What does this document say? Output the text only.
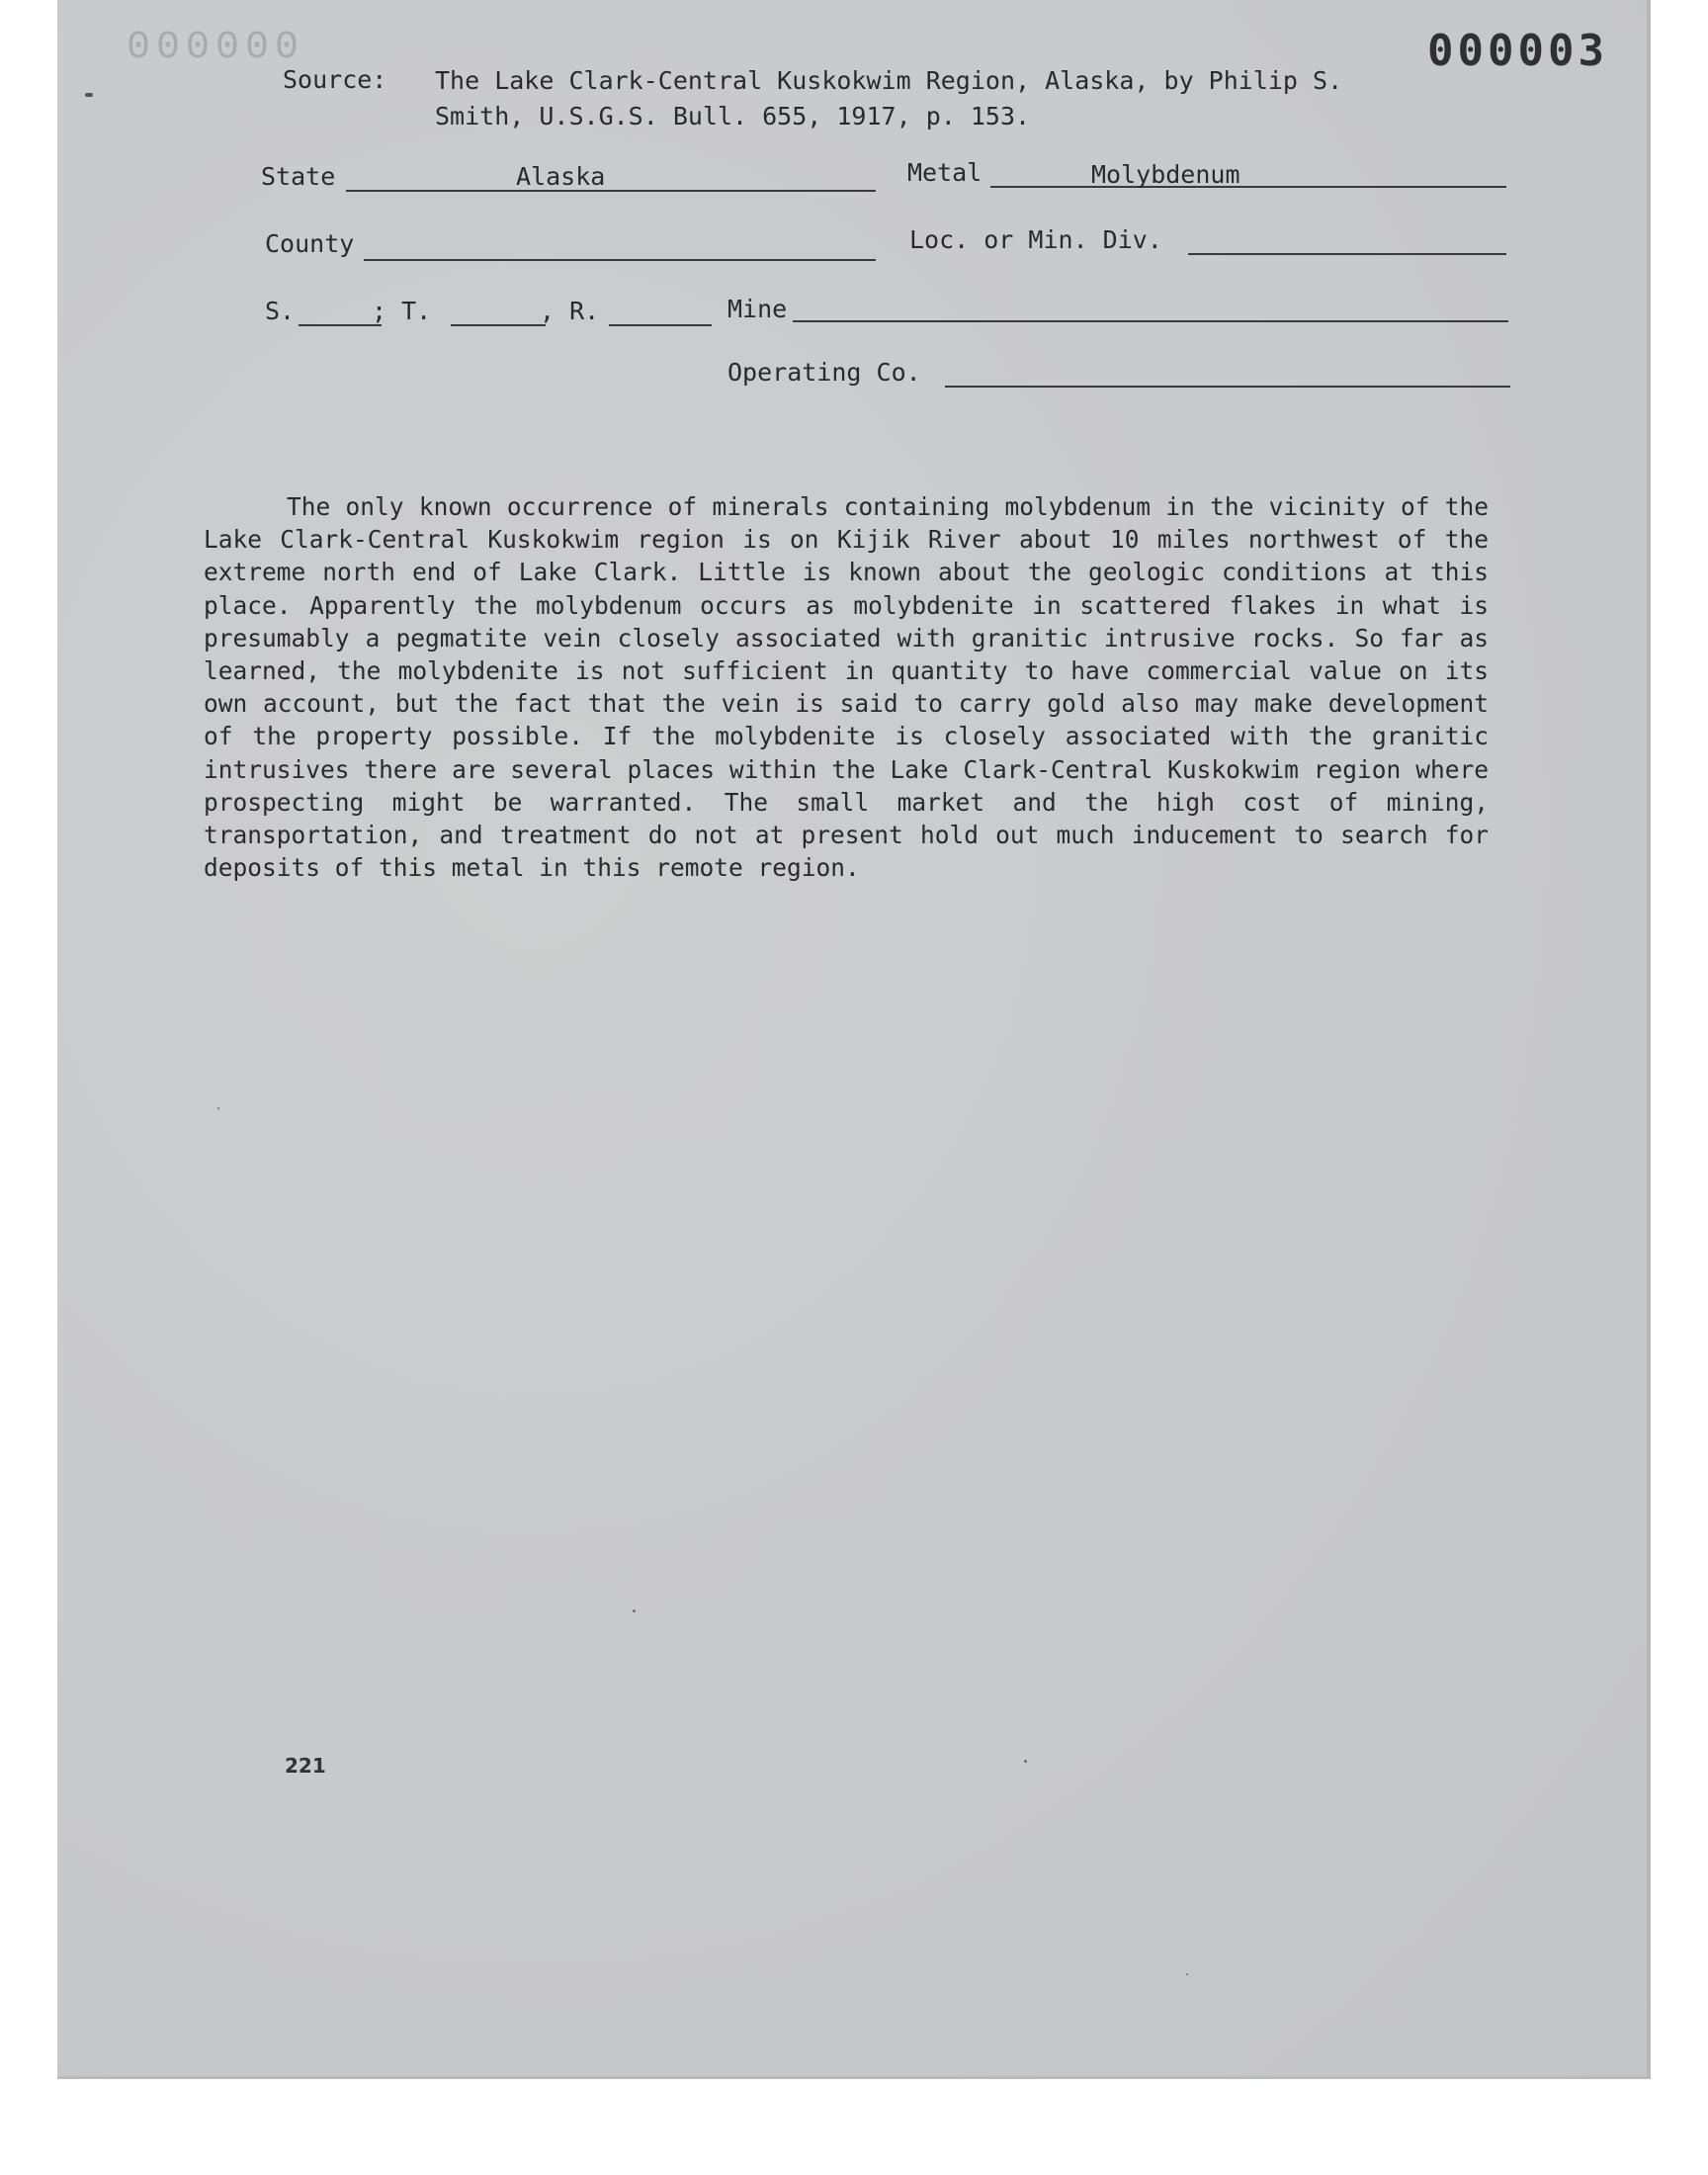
000000	000003
Source: The Lake Clark-Central Kuskokwim Region, Alaska, by Philip S. Smith, U.S.G.S. Bull. 655, 1917, p. 153.
State	Alaska	Metal	Molybdenum
County	Loc. or Min. Div.
S.	; T.	, R.	Mine
Operating Co.
The only known occurrence of minerals containing molybdenum in the vicinity of the Lake Clark-Central Kuskokwim region is on Kijik River about 10 miles northwest of the extreme north end of Lake Clark. Little is known about the geologic conditions at this place. Apparently the molybdenum occurs as molybdenite in scattered flakes in what is presumably a pegmatite vein closely associated with granitic intrusive rocks. So far as learned, the molybdenite is not sufficient in quantity to have commercial value on its own account, but the fact that the vein is said to carry gold also may make development of the property possible. If the molybdenite is closely associated with the granitic intrusives there are several places within the Lake Clark-Central Kuskokwim region where prospecting might be warranted. The small market and the high cost of mining, transportation, and treatment do not at present hold out much inducement to search for deposits of this metal in this remote region.
221
